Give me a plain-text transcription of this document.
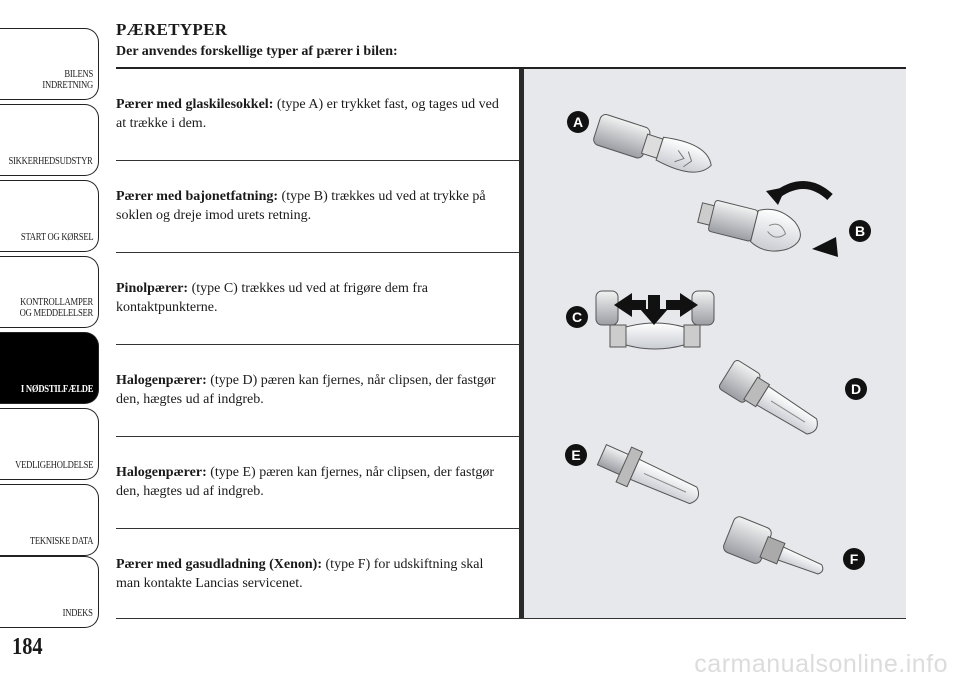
BILENS INDRETNING
SIKKERHEDSUDSTYR
START OG KØRSEL
KONTROLLAMPER OG MEDDELELSER
I NØDSTILFÆLDE
VEDLIGEHOLDELSE
TEKNISKE DATA
INDEKS
184
PÆRETYPER
Der anvendes forskellige typer af pærer i bilen:
Pærer med glaskilesokkel: (type A) er trykket fast, og tages ud ved at trække i dem.
Pærer med bajonetfatning: (type B) trækkes ud ved at trykke på soklen og dreje imod urets retning.
Pinolpærer: (type C) trækkes ud ved at frigøre dem fra kontaktpunkterne.
Halogenpærer: (type D) pæren kan fjernes, når clipsen, der fastgør den, hægtes ud af indgreb.
Halogenpærer: (type E) pæren kan fjernes, når clipsen, der fastgør den, hægtes ud af indgreb.
Pærer med gasudladning (Xenon): (type F) for udskiftning skal man kontakte Lancias servicenet.
A
B
C
D
E
F
carmanualsonline.info
